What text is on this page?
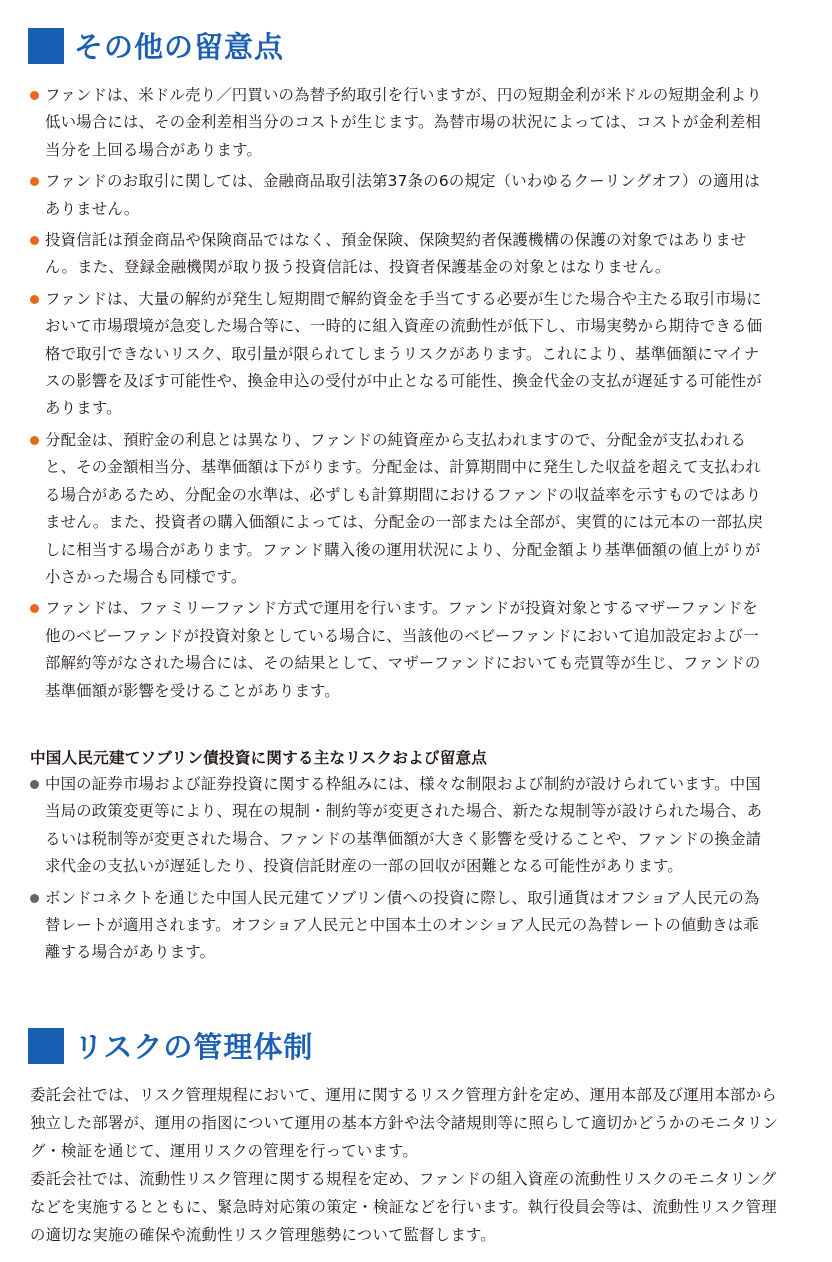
その他の留意点
ファンドは、米ドル売り／円買いの為替予約取引を行いますが、円の短期金利が米ドルの短期金利より低い場合には、その金利差相当分のコストが生じます。為替市場の状況によっては、コストが金利差相当分を上回る場合があります。
ファンドのお取引に関しては、金融商品取引法第37条の6の規定（いわゆるクーリングオフ）の適用はありません。
投資信託は預金商品や保険商品ではなく、預金保険、保険契約者保護機構の保護の対象ではありません。また、登録金融機関が取り扱う投資信託は、投資者保護基金の対象とはなりません。
ファンドは、大量の解約が発生し短期間で解約資金を手当てする必要が生じた場合や主たる取引市場において市場環境が急変した場合等に、一時的に組入資産の流動性が低下し、市場実勢から期待できる価格で取引できないリスク、取引量が限られてしまうリスクがあります。これにより、基準価額にマイナスの影響を及ぼす可能性や、換金申込の受付が中止となる可能性、換金代金の支払が遅延する可能性があります。
分配金は、預貯金の利息とは異なり、ファンドの純資産から支払われますので、分配金が支払われると、その金額相当分、基準価額は下がります。分配金は、計算期間中に発生した収益を超えて支払われる場合があるため、分配金の水準は、必ずしも計算期間におけるファンドの収益率を示すものではありません。また、投資者の購入価額によっては、分配金の一部または全部が、実質的には元本の一部払戻しに相当する場合があります。ファンド購入後の運用状況により、分配金額より基準価額の値上がりが小さかった場合も同様です。
ファンドは、ファミリーファンド方式で運用を行います。ファンドが投資対象とするマザーファンドを他のベビーファンドが投資対象としている場合に、当該他のベビーファンドにおいて追加設定および一部解約等がなされた場合には、その結果として、マザーファンドにおいても売買等が生じ、ファンドの基準価額が影響を受けることがあります。
中国人民元建てソブリン債投資に関する主なリスクおよび留意点
中国の証券市場および証券投資に関する枠組みには、様々な制限および制約が設けられています。中国当局の政策変更等により、現在の規制・制約等が変更された場合、新たな規制等が設けられた場合、あるいは税制等が変更された場合、ファンドの基準価額が大きく影響を受けることや、ファンドの換金請求代金の支払いが遅延したり、投資信託財産の一部の回収が困難となる可能性があります。
ボンドコネクトを通じた中国人民元建てソブリン債への投資に際し、取引通貨はオフショア人民元の為替レートが適用されます。オフショア人民元と中国本土のオンショア人民元の為替レートの値動きは乖離する場合があります。
リスクの管理体制

委託会社では、リスク管理規程において、運用に関するリスク管理方針を定め、運用本部及び運用本部から独立した部署が、運用の指図について運用の基本方針や法令諸規則等に照らして適切かどうかのモニタリング・検証を通じて、運用リスクの管理を行っています。

委託会社では、流動性リスク管理に関する規程を定め、ファンドの組入資産の流動性リスクのモニタリングなどを実施するとともに、緊急時対応策の策定・検証などを行います。執行役員会等は、流動性リスク管理の適切な実施の確保や流動性リスク管理態勢について監督します。
